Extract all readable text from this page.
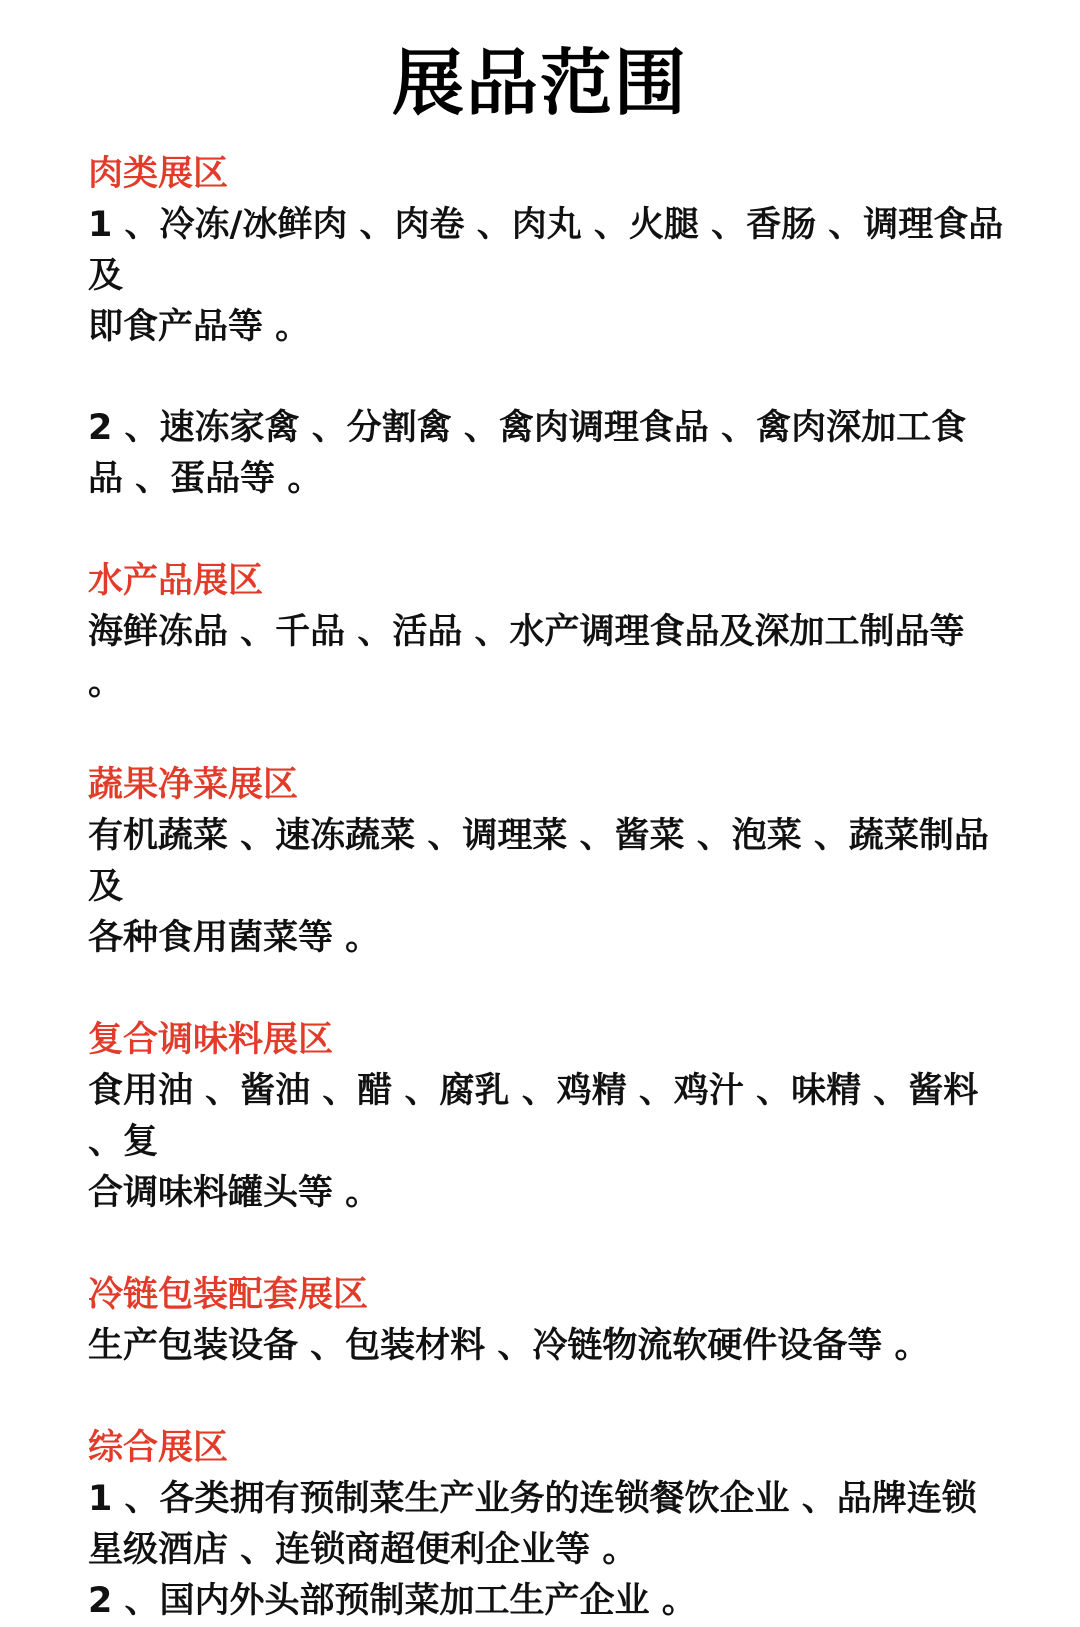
展品范围
肉类展区
1 、冷冻/冰鲜肉 、肉卷 、肉丸 、火腿 、香肠 、调理食品及
即食产品等 。
2 、速冻家禽 、分割禽 、禽肉调理食品 、禽肉深加工食
品 、蛋品等 。
水产品展区
海鲜冻品 、千品 、活品 、水产调理食品及深加工制品等 。
蔬果净菜展区
有机蔬菜 、速冻蔬菜 、调理菜 、酱菜 、泡菜 、蔬菜制品及
各种食用菌菜等 。
复合调味料展区
食用油 、酱油 、醋 、腐乳 、鸡精 、鸡汁 、味精 、酱料 、复
合调味料罐头等 。
冷链包装配套展区
生产包装设备 、包装材料 、冷链物流软硬件设备等 。
综合展区
1 、各类拥有预制菜生产业务的连锁餐饮企业 、品牌连锁
星级酒店 、连锁商超便利企业等 。
2 、国内外头部预制菜加工生产企业 。
